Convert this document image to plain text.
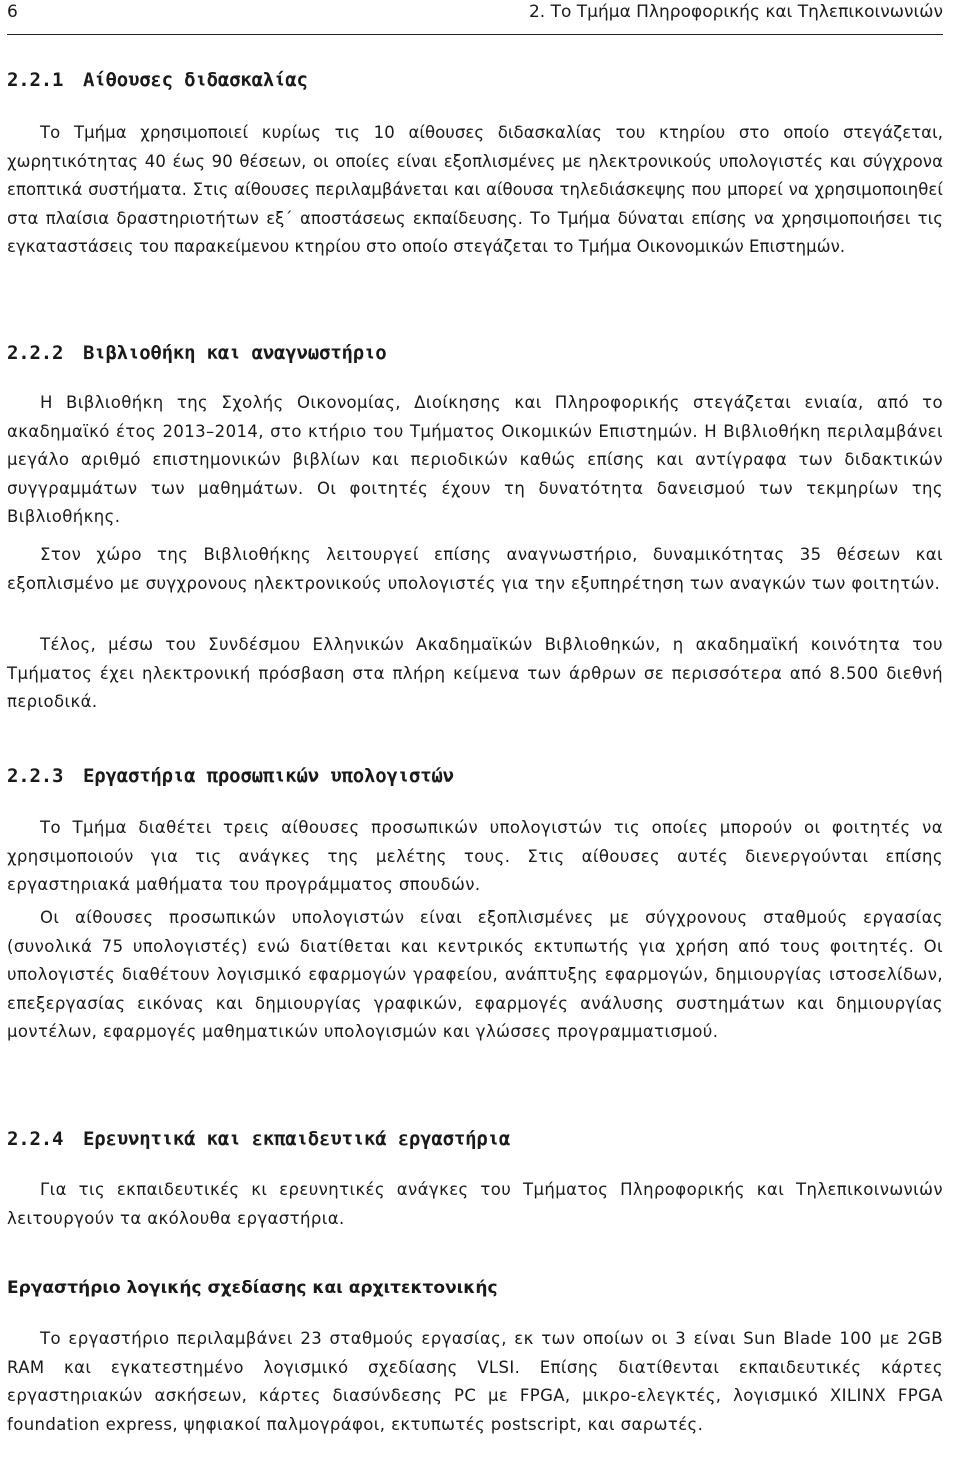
6	2. Το Τμήμα Πληροφορικής και Τηλεπικοινωνιών
2.2.1 Αίθουσες διδασκαλίας

Το Τμήμα χρησιμοποιεί κυρίως τις 10 αίθουσες διδασκαλίας του κτηρίου στο οποίο στεγάζεται, χωρητικότητας 40 έως 90 θέσεων, οι οποίες είναι εξοπλισμένες με ηλεκτρονικούς υπολογιστές και σύγχρονα εποπτικά συστήματα. Στις αίθουσες περιλαμβάνεται και αίθουσα τηλεδιάσκεψης που μπορεί να χρησιμοποιηθεί στα πλαίσια δραστηριοτήτων εξ΄ αποστάσεως εκπαίδευσης. Το Τμήμα δύναται επίσης να χρησιμοποιήσει τις εγκαταστάσεις του παρακείμενου κτηρίου στο οποίο στεγάζεται το Τμήμα Οικονομικών Επιστημών.

2.2.2 Βιβλιοθήκη και αναγνωστήριο

Η Βιβλιοθήκη της Σχολής Οικονομίας, Διοίκησης και Πληροφορικής στεγάζεται ενιαία, από το ακαδημαϊκό έτος 2013–2014, στο κτήριο του Τμήματος Οικομικών Επιστημών. Η Βιβλιοθήκη περιλαμβάνει μεγάλο αριθμό επιστημονικών βιβλίων και περιοδικών καθώς επίσης και αντίγραφα των διδακτικών συγγραμμάτων των μαθημάτων. Οι φοιτητές έχουν τη δυνατότητα δανεισμού των τεκμηρίων της Βιβλιοθήκης.

Στον χώρο της Βιβλιοθήκης λειτουργεί επίσης αναγνωστήριο, δυναμικότητας 35 θέσεων και εξοπλισμένο με συγχρονους ηλεκτρονικούς υπολογιστές για την εξυπηρέτηση των αναγκών των φοιτητών.

Τέλος, μέσω του Συνδέσμου Ελληνικών Ακαδημαϊκών Βιβλιοθηκών, η ακαδημαϊκή κοινότητα του Τμήματος έχει ηλεκτρονική πρόσβαση στα πλήρη κείμενα των άρθρων σε περισσότερα από 8.500 διεθνή περιοδικά.

2.2.3 Εργαστήρια προσωπικών υπολογιστών

Το Τμήμα διαθέτει τρεις αίθουσες προσωπικών υπολογιστών τις οποίες μπορούν οι φοιτητές να χρησιμοποιούν για τις ανάγκες της μελέτης τους. Στις αίθουσες αυτές διενεργούνται επίσης εργαστηριακά μαθήματα του προγράμματος σπουδών.

Οι αίθουσες προσωπικών υπολογιστών είναι εξοπλισμένες με σύγχρονους σταθμούς εργασίας (συνολικά 75 υπολογιστές) ενώ διατίθεται και κεντρικός εκτυπωτής για χρήση από τους φοιτητές. Οι υπολογιστές διαθέτουν λογισμικό εφαρμογών γραφείου, ανάπτυξης εφαρμογών, δημιουργίας ιστοσελίδων, επεξεργασίας εικόνας και δημιουργίας γραφικών, εφαρμογές ανάλυσης συστημάτων και δημιουργίας μοντέλων, εφαρμογές μαθηματικών υπολογισμών και γλώσσες προγραμματισμού.

2.2.4 Ερευνητικά και εκπαιδευτικά εργαστήρια

Για τις εκπαιδευτικές κι ερευνητικές ανάγκες του Τμήματος Πληροφορικής και Τηλεπικοινωνιών λειτουργούν τα ακόλουθα εργαστήρια.

Εργαστήριο λογικής σχεδίασης και αρχιτεκτονικής

Το εργαστήριο περιλαμβάνει 23 σταθμούς εργασίας, εκ των οποίων οι 3 είναι Sun Blade 100 με 2GB RAM και εγκατεστημένο λογισμικό σχεδίασης VLSI. Επίσης διατίθενται εκπαιδευτικές κάρτες εργαστηριακών ασκήσεων, κάρτες διασύνδεσης PC με FPGA, μικρο-ελεγκτές, λογισμικό XILINX FPGA foundation express, ψηφιακοί παλμογράφοι, εκτυπωτές postscript, και σαρωτές.
